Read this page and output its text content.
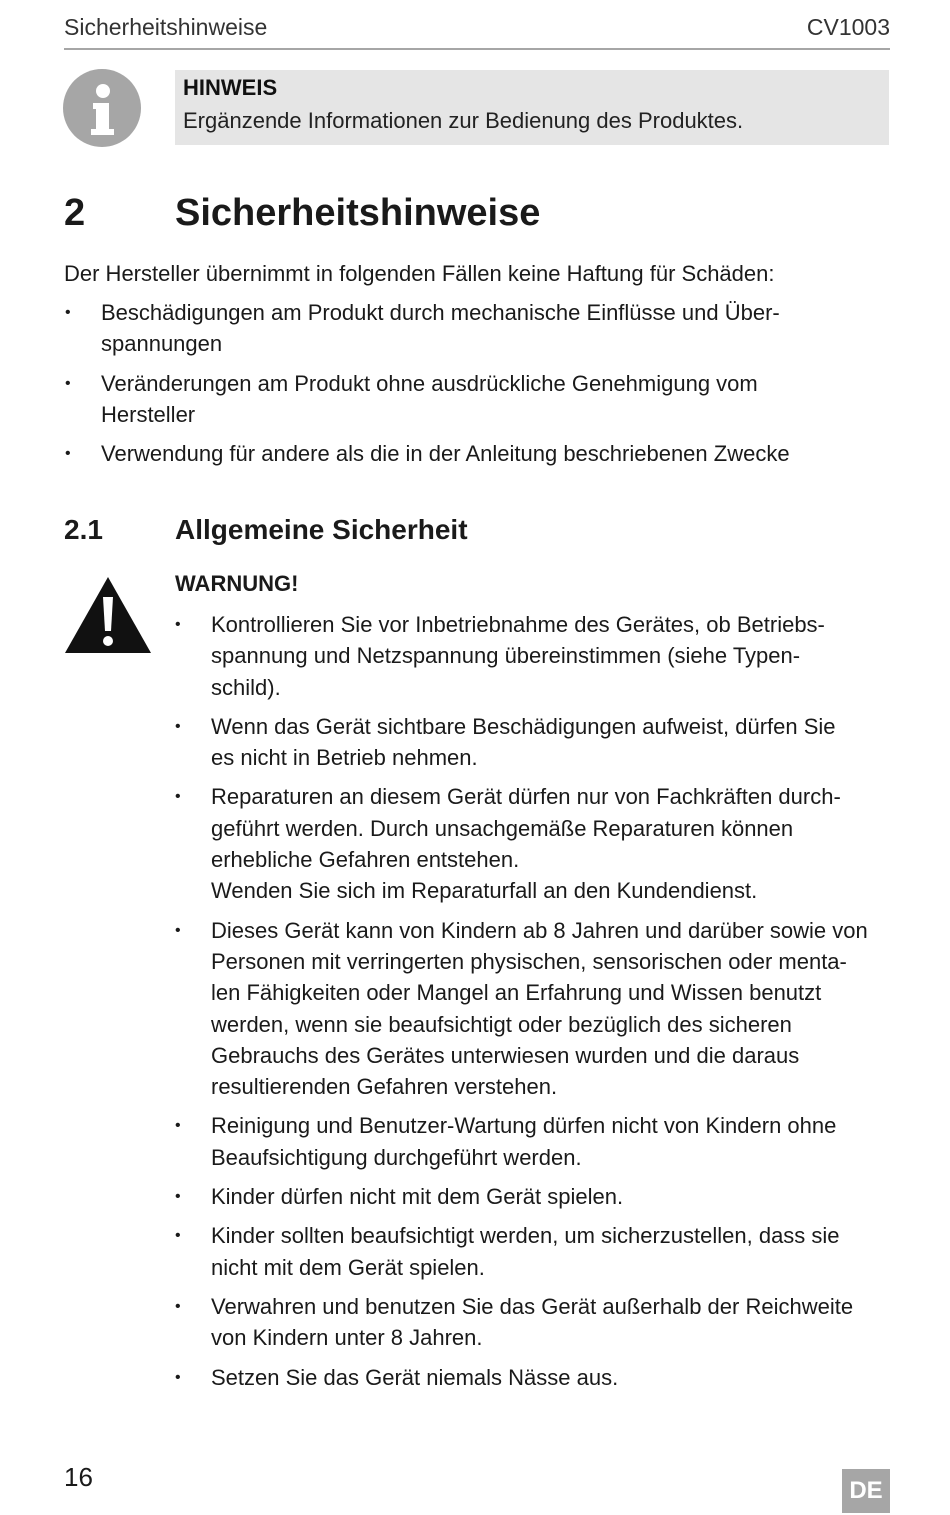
Sicherheitshinweise	CV1003
HINWEIS
Ergänzende Informationen zur Bedienung des Produktes.
2 Sicherheitshinweise
Der Hersteller übernimmt in folgenden Fällen keine Haftung für Schäden:
• Beschädigungen am Produkt durch mechanische Einflüsse und Über-
spannungen
• Veränderungen am Produkt ohne ausdrückliche Genehmigung vom
Hersteller
• Verwendung für andere als die in der Anleitung beschriebenen Zwecke
2.1	Allgemeine Sicherheit
WARNUNG!
• Kontrollieren Sie vor Inbetriebnahme des Gerätes, ob Betriebs-
spannung und Netzspannung übereinstimmen (siehe Typen-
schild).
• Wenn das Gerät sichtbare Beschädigungen aufweist, dürfen Sie
es nicht in Betrieb nehmen.
• Reparaturen an diesem Gerät dürfen nur von Fachkräften durch-
geführt werden. Durch unsachgemäße Reparaturen können
erhebliche Gefahren entstehen.
Wenden Sie sich im Reparaturfall an den Kundendienst.
• Dieses Gerät kann von Kindern ab 8 Jahren und darüber sowie von
Personen mit verringerten physischen, sensorischen oder menta-
len Fähigkeiten oder Mangel an Erfahrung und Wissen benutzt
werden, wenn sie beaufsichtigt oder bezüglich des sicheren
Gebrauchs des Gerätes unterwiesen wurden und die daraus
resultierenden Gefahren verstehen.
• Reinigung und Benutzer-Wartung dürfen nicht von Kindern ohne
Beaufsichtigung durchgeführt werden.
• Kinder dürfen nicht mit dem Gerät spielen.
• Kinder sollten beaufsichtigt werden, um sicherzustellen, dass sie
nicht mit dem Gerät spielen.
• Verwahren und benutzen Sie das Gerät außerhalb der Reichweite
von Kindern unter 8 Jahren.
• Setzen Sie das Gerät niemals Nässe aus.
16	DE
